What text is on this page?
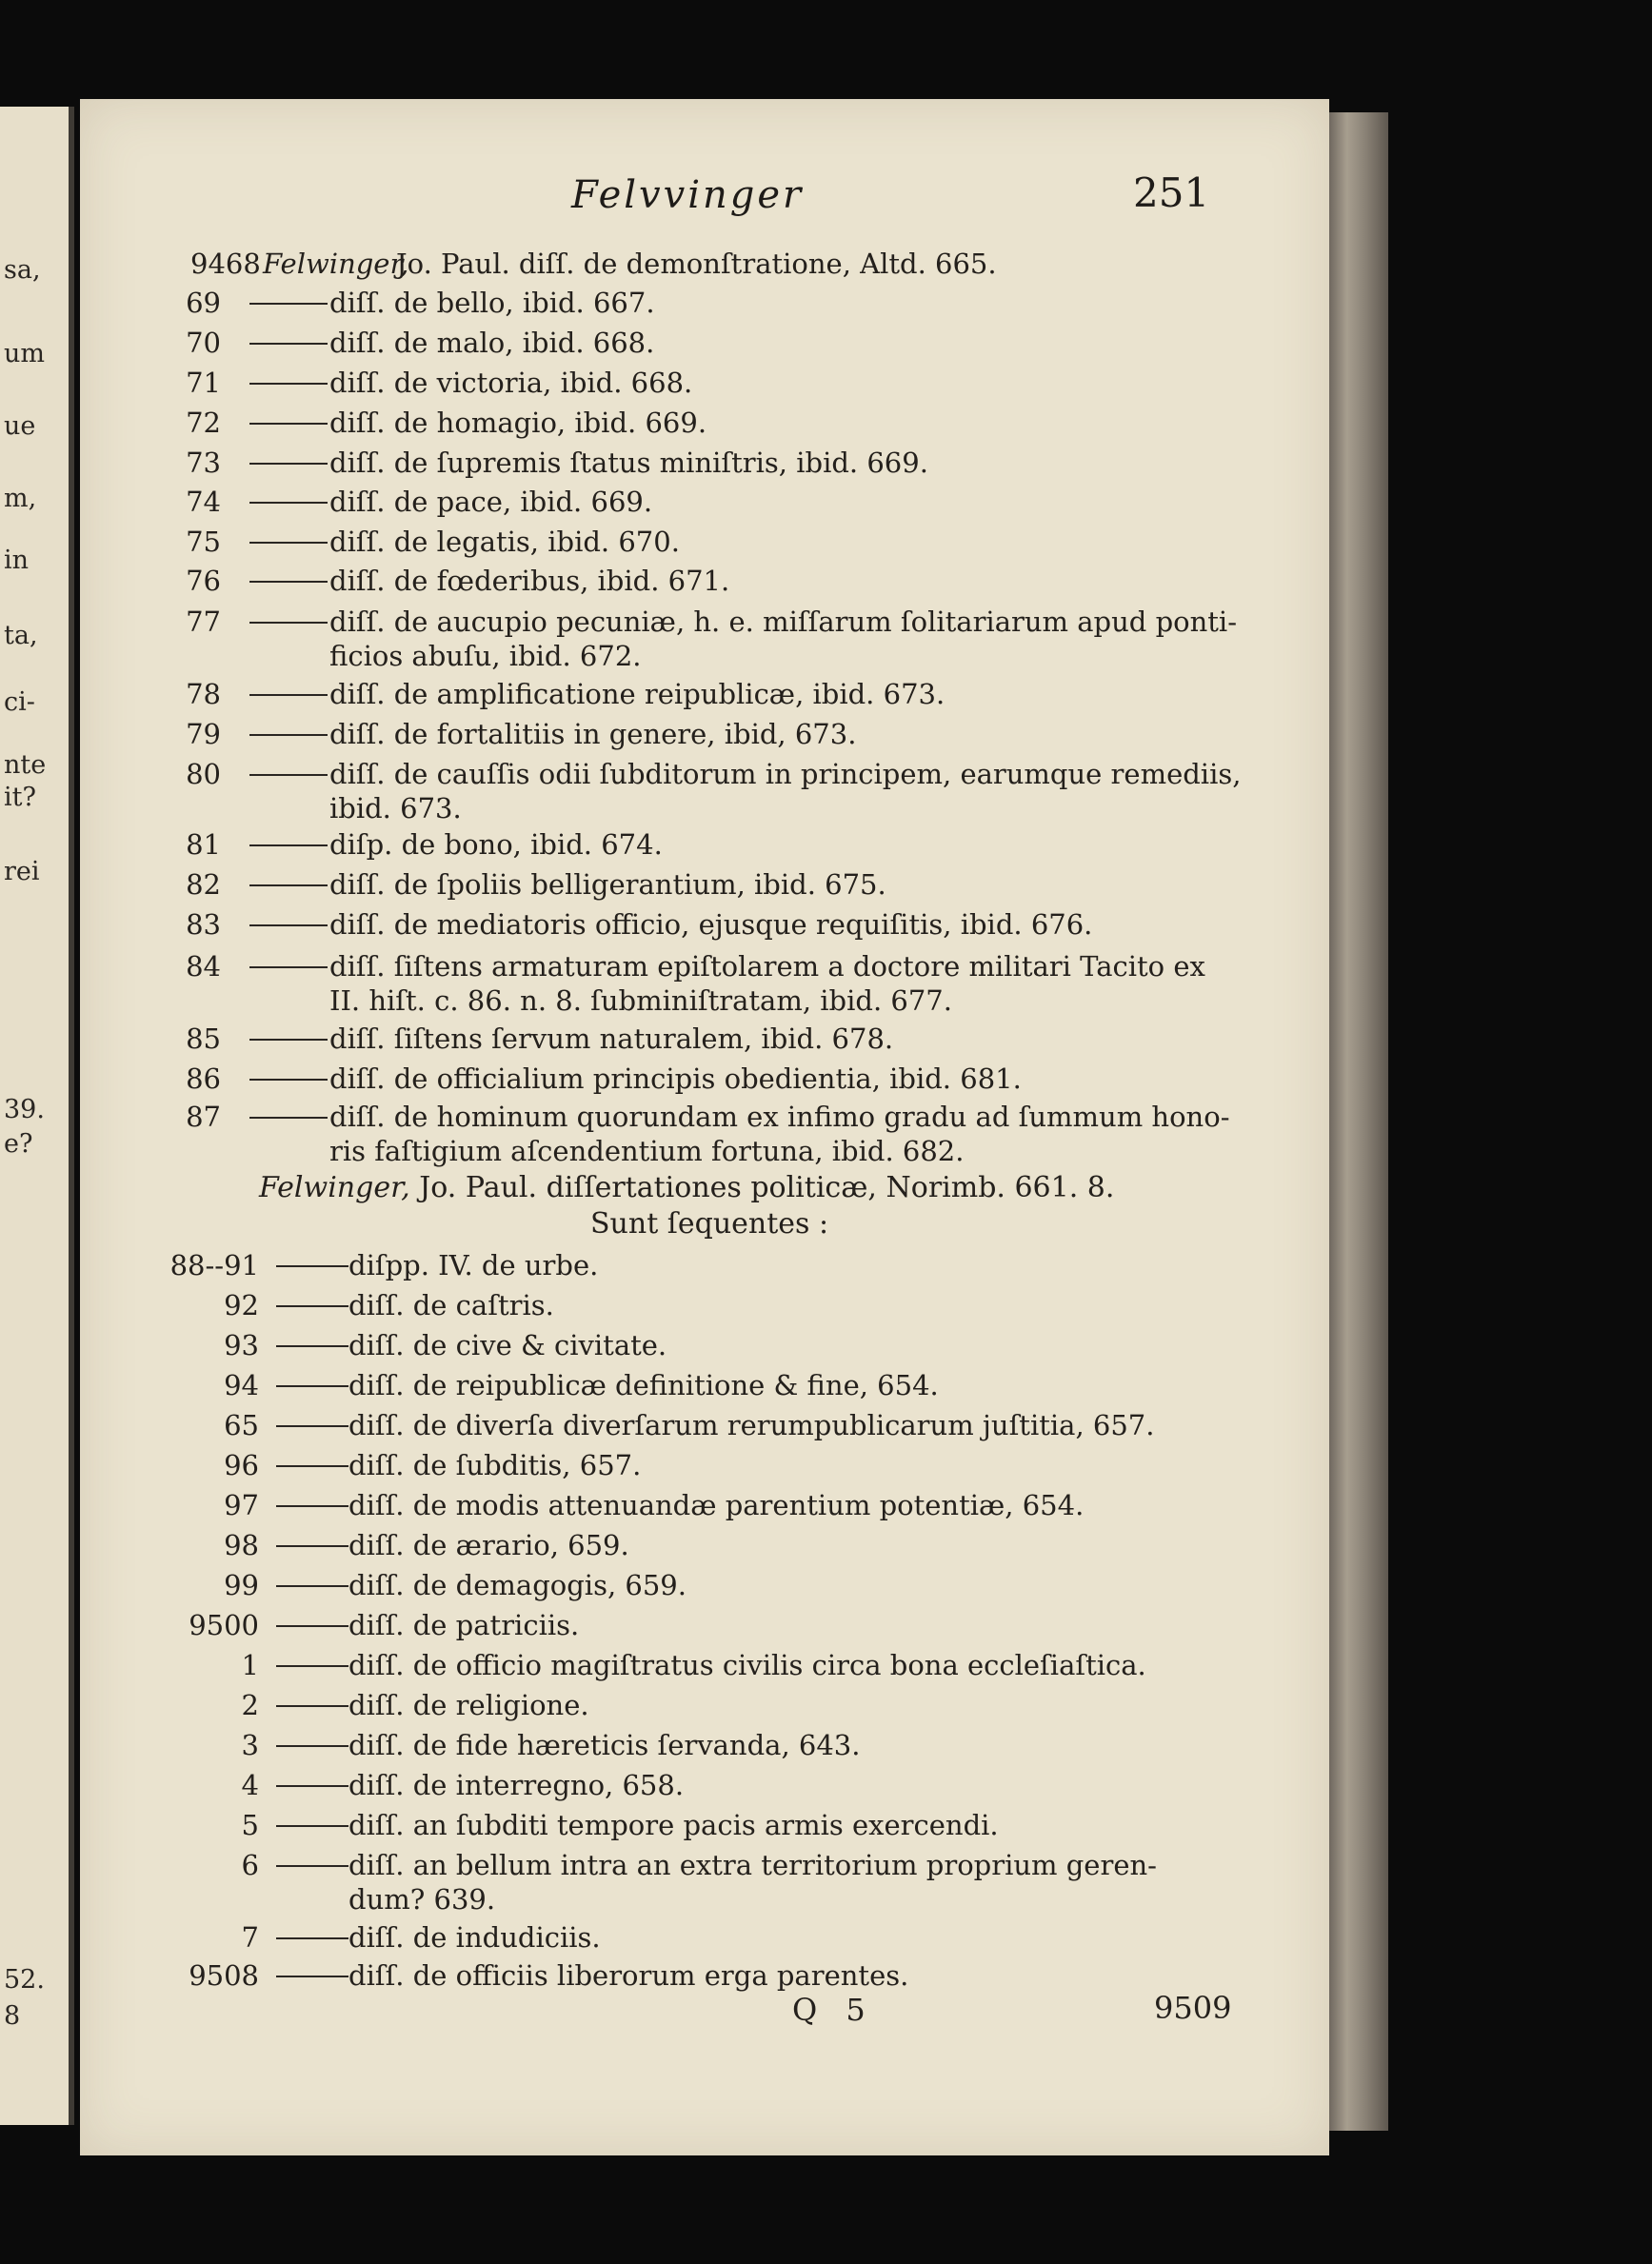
sa,
um
ue
m,
in
ta,
ci-
nte
it?
rei
39.
e?
52.
8
Felvvinger	251
9468 Felwinger,
Jo. Paul. diſſ. de demonſtratione, Altd. 665.
69	diſſ. de bello, ibid. 667.
70	diſſ. de malo, ibid. 668.
71	diſſ. de victoria, ibid. 668.
72	diſſ. de homagio, ibid. 669.
73	diſſ. de ſupremis ſtatus miniſtris, ibid. 669.
74	diſſ. de pace, ibid. 669.
75	diſſ. de legatis, ibid. 670.
76	diſſ. de fœderibus, ibid. 671.
77	diſſ. de aucupio pecuniæ, h. e. miſſarum ſolitariarum apud ponti-
ficios abuſu, ibid. 672.
78	diſſ. de amplificatione reipublicæ, ibid. 673.
79	diſſ. de fortalitiis in genere, ibid, 673.
80	diſſ. de cauſſis odii ſubditorum in principem, earumque remediis,
ibid. 673.
81	diſp. de bono, ibid. 674.
82	diſſ. de ſpoliis belligerantium, ibid. 675.
83	diſſ. de mediatoris officio, ejusque requiſitis, ibid. 676.
84	diſſ. ſiſtens armaturam epiſtolarem a doctore militari Tacito ex
II. hiſt. c. 86. n. 8. ſubminiſtratam, ibid. 677.
85	diſſ. ſiſtens ſervum naturalem, ibid. 678.
86	diſſ. de officialium principis obedientia, ibid. 681.
87	diſſ. de hominum quorundam ex infimo gradu ad ſummum hono-
ris faſtigium aſcendentium fortuna, ibid. 682.
Felwinger, Jo. Paul. diſſertationes politicæ, Norimb. 661. 8.
88--91	diſpp. IV. de urbe.
92	diſſ. de caſtris.
93	diſſ. de cive & civitate.
94	diſſ. de reipublicæ definitione & fine, 654.
65	diſſ. de diverſa diverſarum rerumpublicarum juſtitia, 657.
96	diſſ. de ſubditis, 657.
97	diſſ. de modis attenuandæ parentium potentiæ, 654.
98	diſſ. de ærario, 659.
99	diſſ. de demagogis, 659.
9500	diſſ. de patriciis.
1	diſſ. de officio magiſtratus civilis circa bona eccleſiaſtica.
2	diſſ. de religione.
3	diſſ. de fide hæreticis ſervanda, 643.
4	diſſ. de interregno, 658.
5	diſſ. an ſubditi tempore pacis armis exercendi.
6	diſſ. an bellum intra an extra territorium proprium geren-
dum? 639.
7	diſſ. de indudiciis.
9508	diſſ. de officiis liberorum erga parentes.
Sunt ſequentes :
Q 5	9509
